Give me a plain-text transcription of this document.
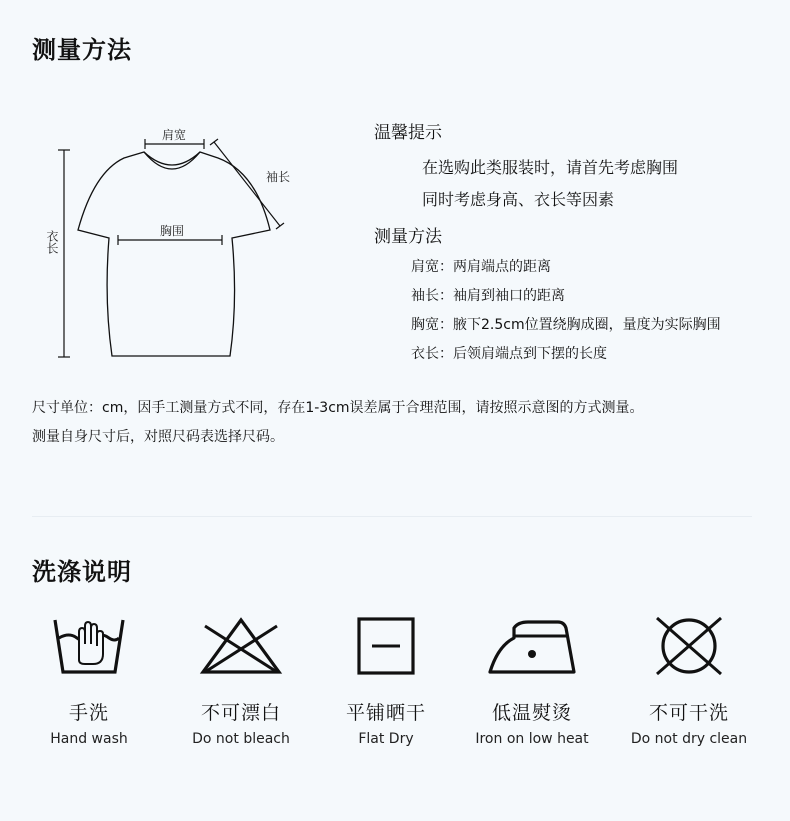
测量方法
肩宽
袖长
胸围
衣长
温馨提示
在选购此类服装时，请首先考虑胸围
同时考虑身高、衣长等因素
测量方法
肩宽：两肩端点的距离
袖长：袖肩到袖口的距离
胸宽：腋下2.5cm位置绕胸成圈，量度为实际胸围
衣长：后领肩端点到下摆的长度
尺寸单位：cm，因手工测量方式不同，存在1-3cm误差属于合理范围，请按照示意图的方式测量。
测量自身尺寸后，对照尺码表选择尺码。
洗涤说明
手洗
Hand wash
不可漂白
Do not bleach
平铺晒干
Flat Dry
低温熨烫
Iron on low heat
不可干洗
Do not dry clean
